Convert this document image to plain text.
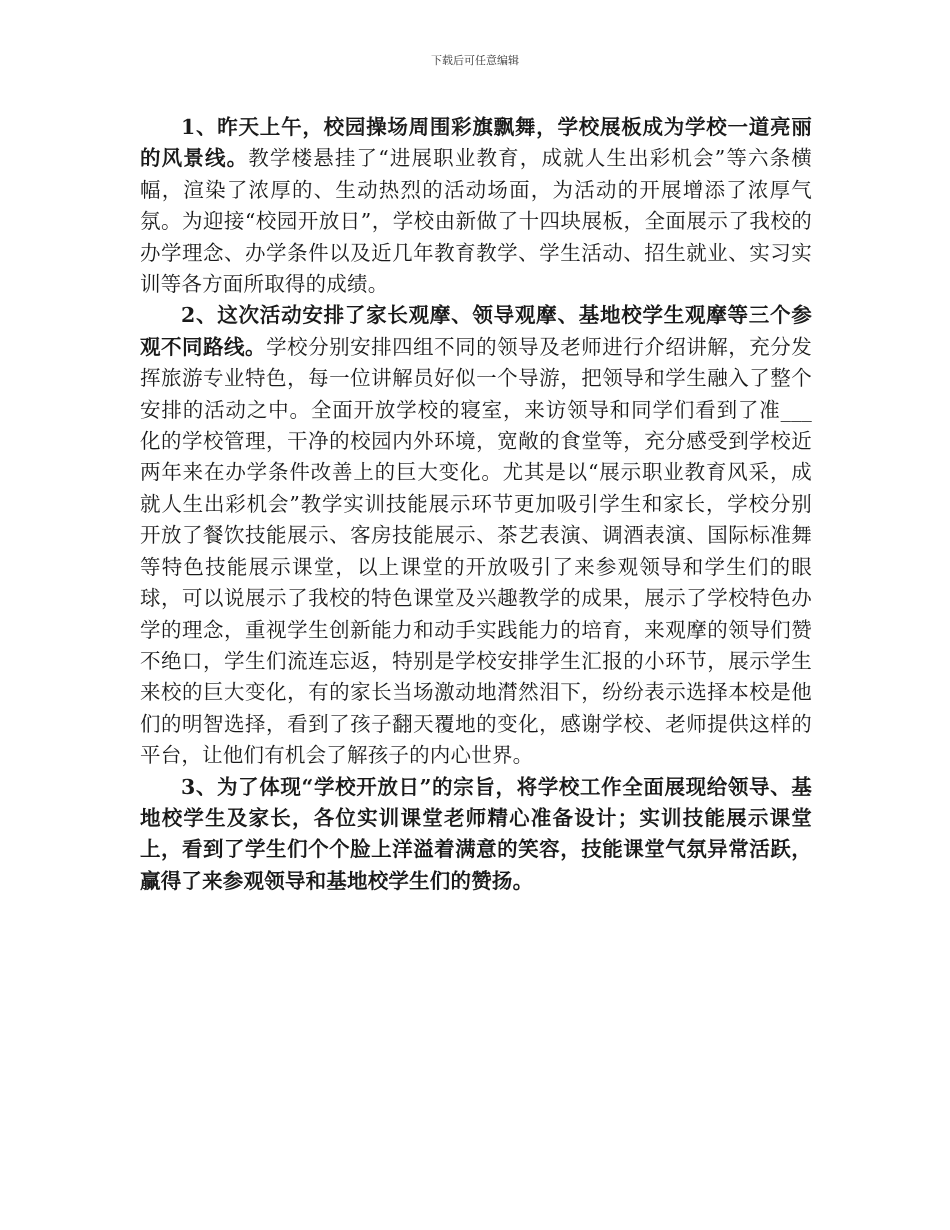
下载后可任意编辑

1、昨天上午，校园操场周围彩旗飘舞，学校展板成为学校一道亮丽的风景线。教学楼悬挂了“进展职业教育，成就人生出彩机会”等六条横幅，渲染了浓厚的、生动热烈的活动场面，为活动的开展增添了浓厚气氛。为迎接“校园开放日”，学校由新做了十四块展板，全面展示了我校的办学理念、办学条件以及近几年教育教学、学生活动、招生就业、实习实训等各方面所取得的成绩。

2、这次活动安排了家长观摩、领导观摩、基地校学生观摩等三个参观不同路线。学校分别安排四组不同的领导及老师进行介绍讲解，充分发挥旅游专业特色，每一位讲解员好似一个导游，把领导和学生融入了整个安排的活动之中。全面开放学校的寝室，来访领导和同学们看到了准___化的学校管理，干净的校园内外环境，宽敞的食堂等，充分感受到学校近两年来在办学条件改善上的巨大变化。尤其是以“展示职业教育风采，成就人生出彩机会”教学实训技能展示环节更加吸引学生和家长，学校分别开放了餐饮技能展示、客房技能展示、茶艺表演、调酒表演、国际标准舞等特色技能展示课堂，以上课堂的开放吸引了来参观领导和学生们的眼球，可以说展示了我校的特色课堂及兴趣教学的成果，展示了学校特色办学的理念，重视学生创新能力和动手实践能力的培育，来观摩的领导们赞不绝口，学生们流连忘返，特别是学校安排学生汇报的小环节，展示学生来校的巨大变化，有的家长当场激动地潸然泪下，纷纷表示选择本校是他们的明智选择，看到了孩子翻天覆地的变化，感谢学校、老师提供这样的平台，让他们有机会了解孩子的内心世界。

3、为了体现“学校开放日”的宗旨，将学校工作全面展现给领导、基地校学生及家长，各位实训课堂老师精心准备设计；实训技能展示课堂上，看到了学生们个个脸上洋溢着满意的笑容，技能课堂气氛异常活跃，赢得了来参观领导和基地校学生们的赞扬。
